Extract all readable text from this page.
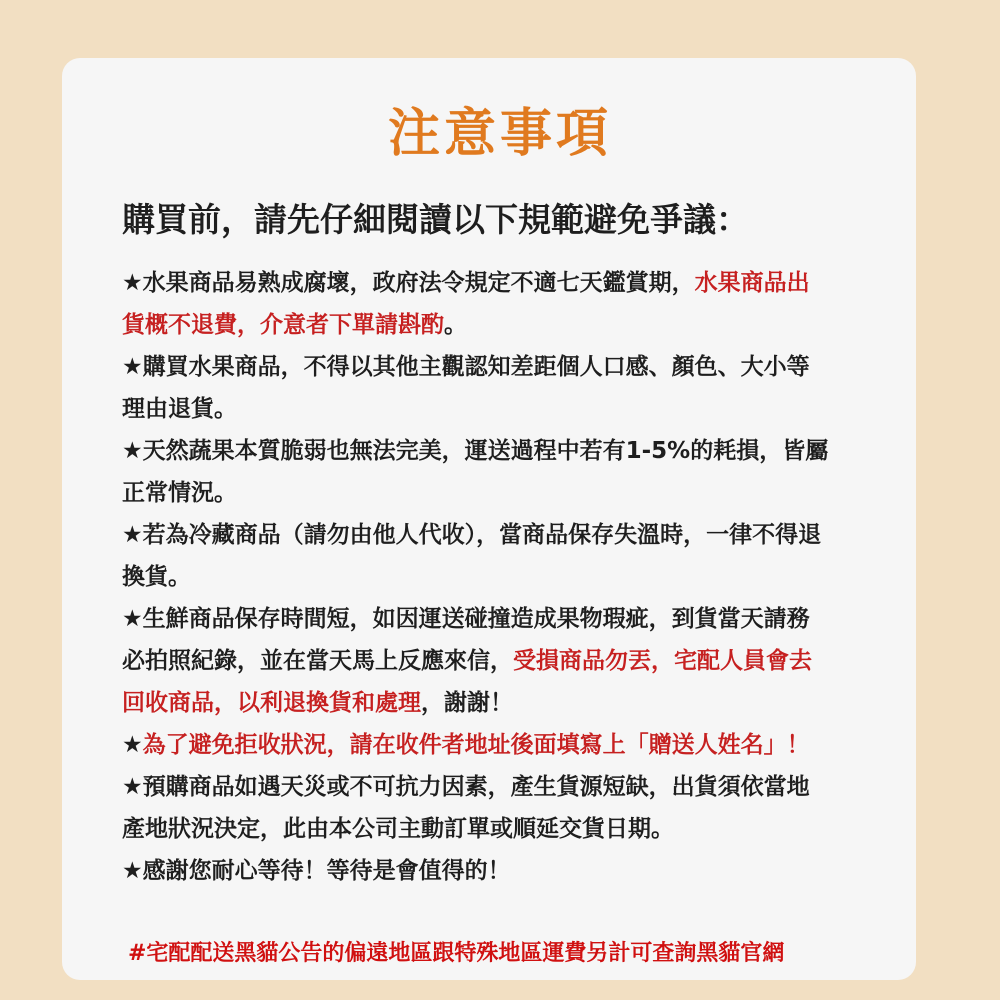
注意事項
購買前，請先仔細閱讀以下規範避免爭議：

★水果商品易熟成腐壞，政府法令規定不適七天鑑賞期，水果商品出貨概不退費，介意者下單請斟酌。

★購買水果商品，不得以其他主觀認知差距個人口感、顏色、大小等理由退貨。

★天然蔬果本質脆弱也無法完美，運送過程中若有1-5%的耗損，皆屬正常情況。

★若為冷藏商品（請勿由他人代收），當商品保存失溫時，一律不得退換貨。

★生鮮商品保存時間短，如因運送碰撞造成果物瑕疵，到貨當天請務必拍照紀錄，並在當天馬上反應來信，受損商品勿丟，宅配人員會去回收商品，以利退換貨和處理，謝謝！

★為了避免拒收狀況，請在收件者地址後面填寫上「贈送人姓名」！

★預購商品如遇天災或不可抗力因素，產生貨源短缺，出貨須依當地產地狀況決定，此由本公司主動訂單或順延交貨日期。

★感謝您耐心等待！等待是會值得的！

#宅配配送黑貓公告的偏遠地區跟特殊地區運費另計可查詢黑貓官網
